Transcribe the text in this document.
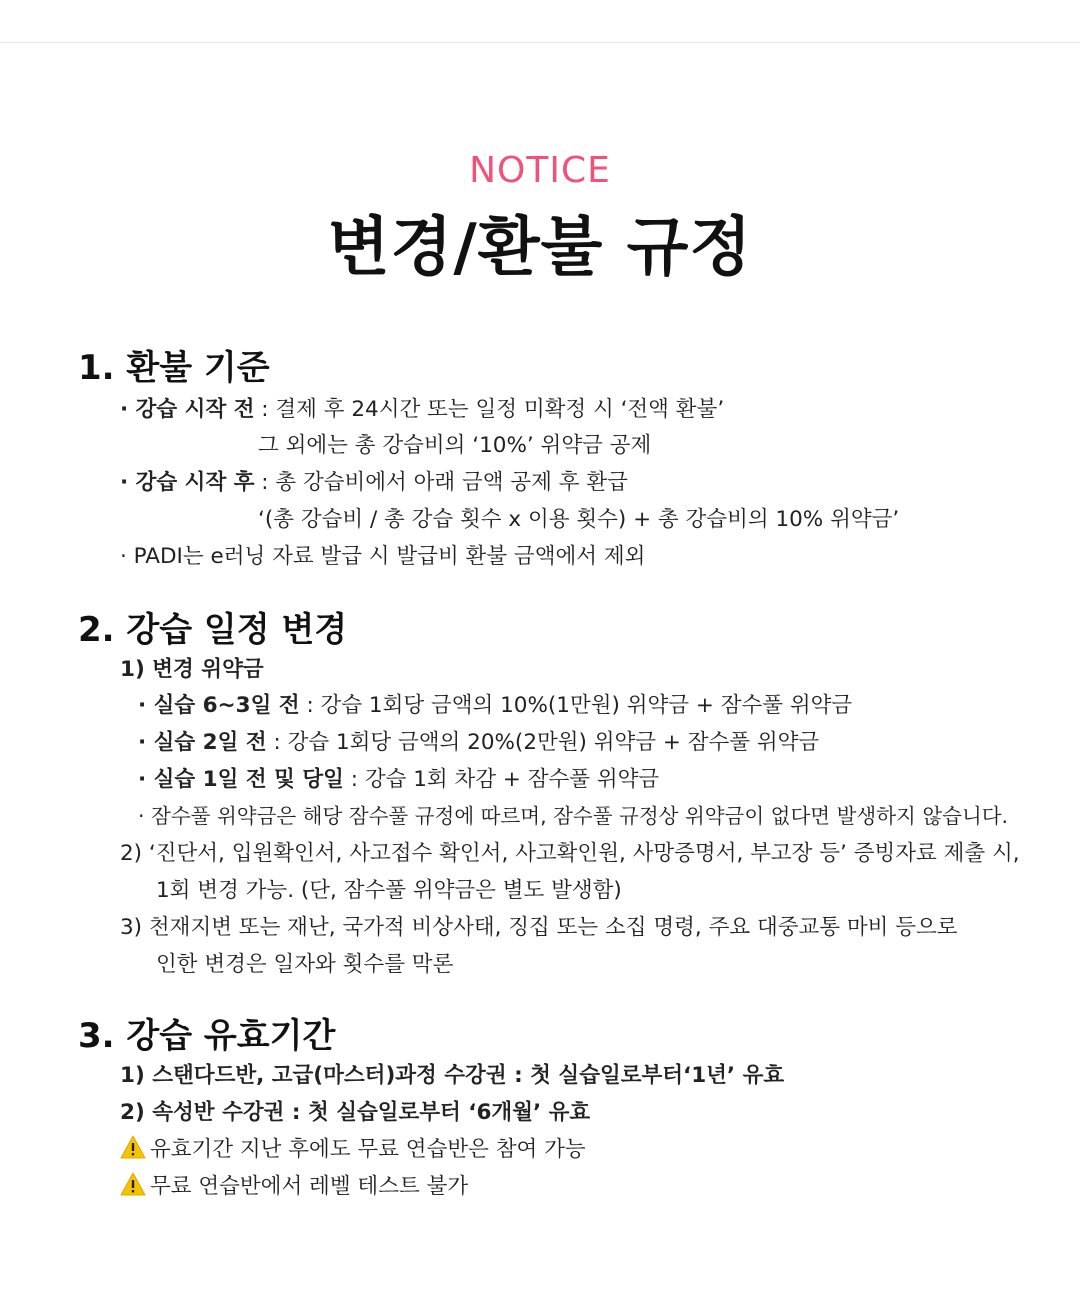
NOTICE
변경/환불 규정
1. 환불 기준
· 강습 시작 전 : 결제 후 24시간 또는 일정 미확정 시 ‘전액 환불’
그 외에는 총 강습비의 ‘10%’ 위약금 공제
· 강습 시작 후 : 총 강습비에서 아래 금액 공제 후 환급
‘(총 강습비 / 총 강습 횟수 x 이용 횟수) + 총 강습비의 10% 위약금’
· PADI는 e러닝 자료 발급 시 발급비 환불 금액에서 제외
2. 강습 일정 변경
1) 변경 위약금
· 실습 6~3일 전 : 강습 1회당 금액의 10%(1만원) 위약금 + 잠수풀 위약금
· 실습 2일 전 : 강습 1회당 금액의 20%(2만원) 위약금 + 잠수풀 위약금
· 실습 1일 전 및 당일 : 강습 1회 차감 + 잠수풀 위약금
· 잠수풀 위약금은 해당 잠수풀 규정에 따르며, 잠수풀 규정상 위약금이 없다면 발생하지 않습니다.
2) ‘진단서, 입원확인서, 사고접수 확인서, 사고확인원, 사망증명서, 부고장 등’ 증빙자료 제출 시,
1회 변경 가능. (단, 잠수풀 위약금은 별도 발생함)
3) 천재지변 또는 재난, 국가적 비상사태, 징집 또는 소집 명령, 주요 대중교통 마비 등으로
인한 변경은 일자와 횟수를 막론
3. 강습 유효기간
1) 스탠다드반, 고급(마스터)과정 수강권 : 첫 실습일로부터‘1년’ 유효
2) 속성반 수강권 : 첫 실습일로부터 ‘6개월’ 유효
유효기간 지난 후에도 무료 연습반은 참여 가능
무료 연습반에서 레벨 테스트 불가
